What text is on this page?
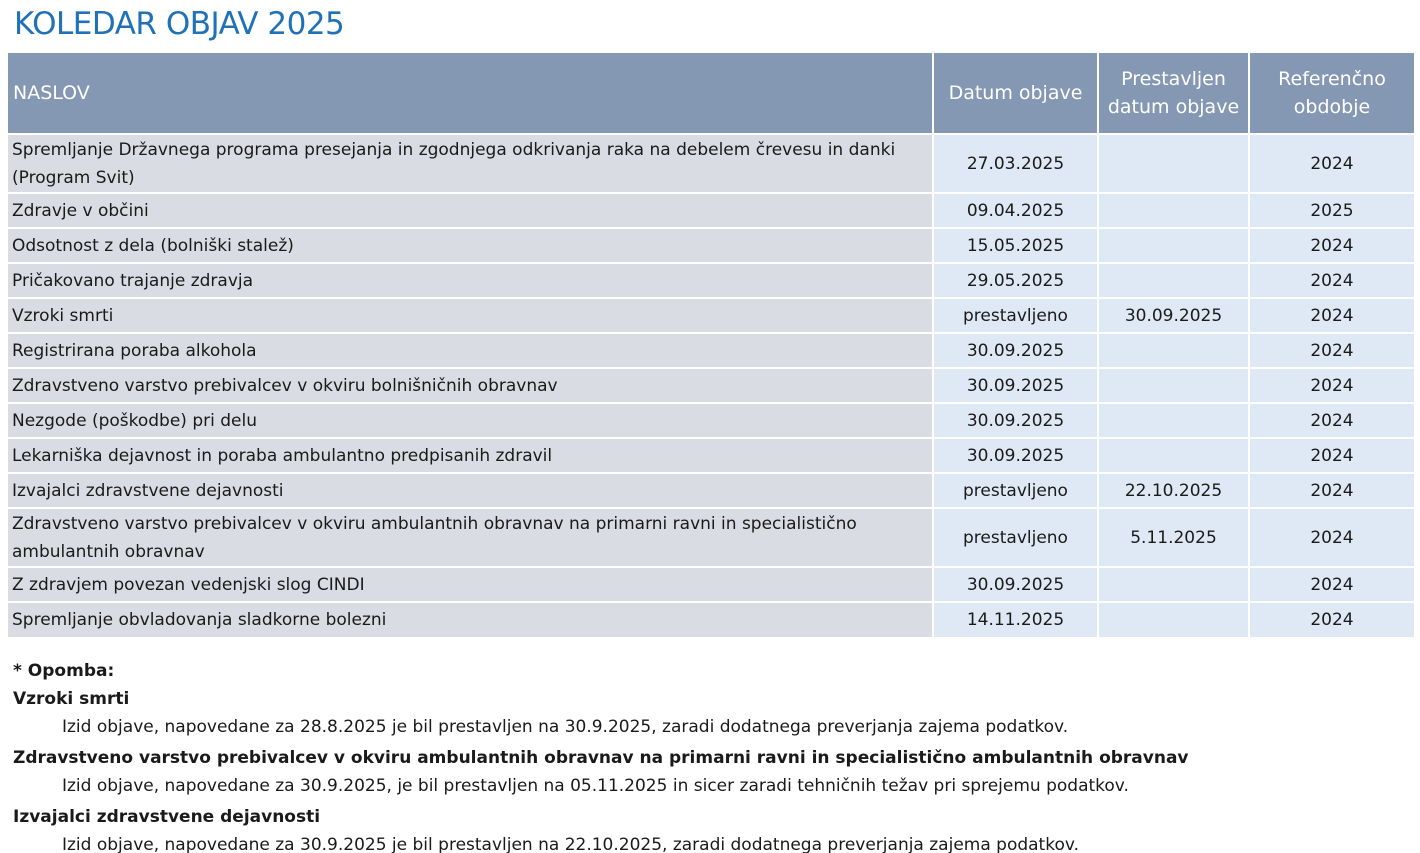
KOLEDAR OBJAV 2025
NASLOV	Datum objave	Prestavljen datum objave	Referenčno obdobje
Spremljanje Državnega programa presejanja in zgodnjega odkrivanja raka na debelem črevesu in danki (Program Svit)	27.03.2025		2024
Zdravje v občini	09.04.2025		2025
Odsotnost z dela (bolniški stalež)	15.05.2025		2024
Pričakovano trajanje zdravja	29.05.2025		2024
Vzroki smrti	prestavljeno	30.09.2025	2024
Registrirana poraba alkohola	30.09.2025		2024
Zdravstveno varstvo prebivalcev v okviru bolnišničnih obravnav	30.09.2025		2024
Nezgode (poškodbe) pri delu	30.09.2025		2024
Lekarniška dejavnost in poraba ambulantno predpisanih zdravil	30.09.2025		2024
Izvajalci zdravstvene dejavnosti	prestavljeno	22.10.2025	2024
Zdravstveno varstvo prebivalcev v okviru ambulantnih obravnav na primarni ravni in specialistično ambulantnih obravnav	prestavljeno	5.11.2025	2024
Z zdravjem povezan vedenjski slog CINDI	30.09.2025		2024
Spremljanje obvladovanja sladkorne bolezni	14.11.2025		2024
* Opomba:
Vzroki smrti
Izid objave, napovedane za 28.8.2025 je bil prestavljen na 30.9.2025, zaradi dodatnega preverjanja zajema podatkov.
Zdravstveno varstvo prebivalcev v okviru ambulantnih obravnav na primarni ravni in specialistično ambulantnih obravnav
Izid objave, napovedane za 30.9.2025, je bil prestavljen na 05.11.2025 in sicer zaradi tehničnih težav pri sprejemu podatkov.
Izvajalci zdravstvene dejavnosti
Izid objave, napovedane za 30.9.2025 je bil prestavljen na 22.10.2025, zaradi dodatnega preverjanja zajema podatkov.
